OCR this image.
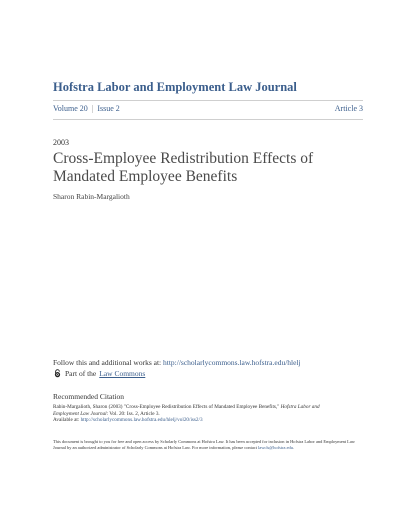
Hofstra Labor and Employment Law Journal
Volume 20 | Issue 2	Article 3
2003
Cross-Employee Redistribution Effects of Mandated Employee Benefits
Sharon Rabin-Margalioth
Follow this and additional works at: http://scholarlycommons.law.hofstra.edu/hlelj
Part of the Law Commons
Recommended Citation
Rabin-Margalioth, Sharon (2003) "Cross-Employee Redistribution Effects of Mandated Employee Benefits," Hofstra Labor and
Employment Law Journal: Vol. 20: Iss. 2, Article 3.
Available at: http://scholarlycommons.law.hofstra.edu/hlelj/vol20/iss2/3
This document is brought to you for free and open access by Scholarly Commons at Hofstra Law. It has been accepted for inclusion in Hofstra Labor and Employment Law Journal by an authorized administrator of Scholarly Commons at Hofstra Law. For more information, please contact lawcls@hofstra.edu.
